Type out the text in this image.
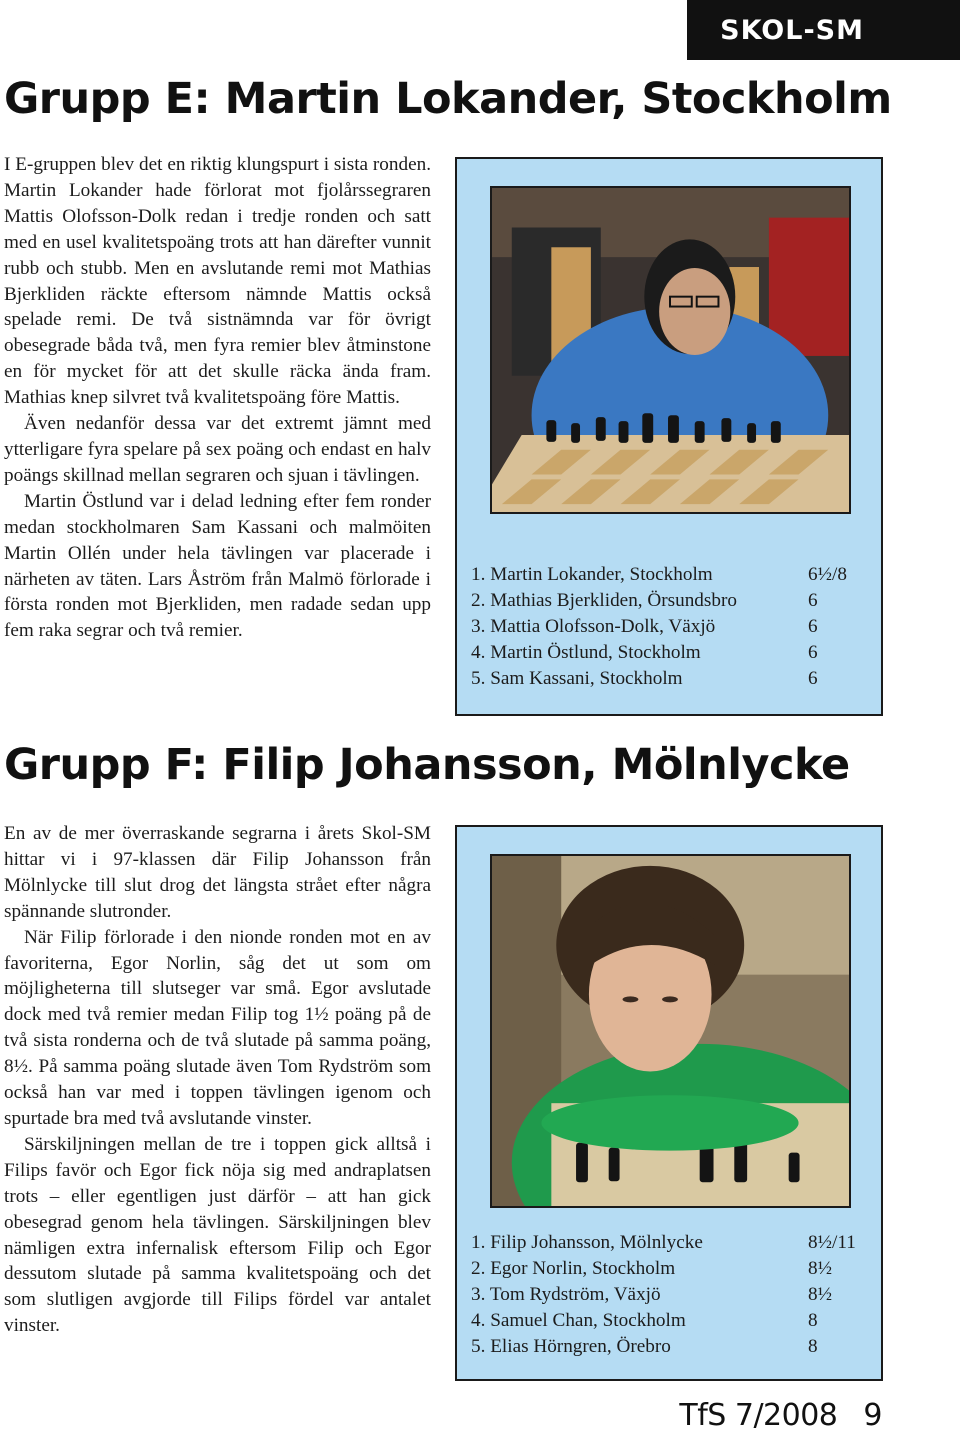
SKOL-SM
Grupp E: Martin Lokander, Stockholm

I E-gruppen blev det en riktig klungspurt i sista ronden. Martin Lokander hade förlorat mot fjolårssegraren Mattis Olofsson-Dolk redan i tredje ronden och satt med en usel kvalitetspoäng trots att han därefter vunnit rubb och stubb. Men en avslutande remi mot Mathias Bjerkliden räckte eftersom nämnde Mattis också spelade remi. De två sistnämnda var för övrigt obesegrade båda två, men fyra remier blev åtminstone en för mycket för att det skulle räcka ända fram. Mathias knep silvret två kvalitetspoäng före Mattis.

Även nedanför dessa var det extremt jämnt med ytterligare fyra spelare på sex poäng och endast en halv poängs skillnad mellan segraren och sjuan i tävlingen.

Martin Östlund var i delad ledning efter fem ronder medan stockholmaren Sam Kassani och malmöiten Martin Ollén under hela tävlingen var placerade i närheten av täten. Lars Åström från Malmö förlorade i första ronden mot Bjerkliden, men radade sedan upp fem raka segrar och två remier.

1. Martin Lokander, Stockholm	6½/8
2. Mathias Bjerkliden, Örsundsbro	6
3. Mattia Olofsson-Dolk, Växjö	6
4. Martin Östlund, Stockholm	6
5. Sam Kassani, Stockholm	6
Grupp F: Filip Johansson, Mölnlycke

En av de mer överraskande segrarna i årets Skol-SM hittar vi i 97-klassen där Filip Johansson från Mölnlycke till slut drog det längsta strået efter några spännande slutronder.

När Filip förlorade i den nionde ronden mot en av favoriterna, Egor Norlin, såg det ut som om möjligheterna till slutseger var små. Egor avslutade dock med två remier medan Filip tog 1½ poäng på de två sista ronderna och de två slutade på samma poäng, 8½. På samma poäng slutade även Tom Rydström som också han var med i toppen tävlingen igenom och spurtade bra med två avslutande vinster.

Särskiljningen mellan de tre i toppen gick alltså i Filips favör och Egor fick nöja sig med andraplatsen trots – eller egentligen just därför – att han gick obesegrad genom hela tävlingen. Särskiljningen blev nämligen extra infernalisk eftersom Filip och Egor dessutom slutade på samma kvalitetspoäng och det som slutligen avgjorde till Filips fördel var antalet vinster.

1. Filip Johansson, Mölnlycke	8½/11
2. Egor Norlin, Stockholm	8½
3. Tom Rydström, Växjö	8½
4. Samuel Chan, Stockholm	8
5. Elias Hörngren, Örebro	8
TfS 7/2008 9
